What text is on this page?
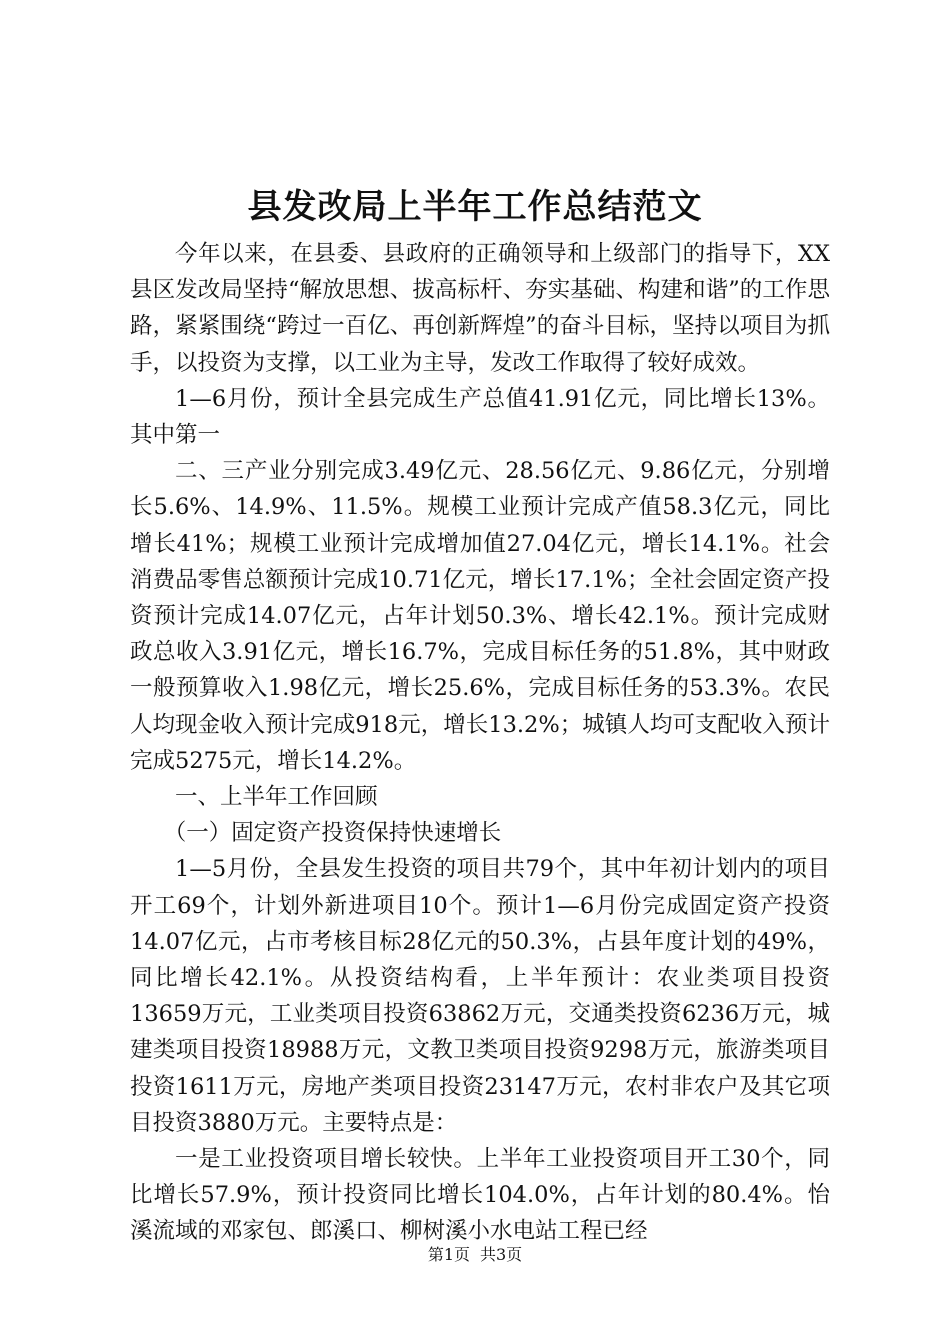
县发改局上半年工作总结范文

今年以来，在县委、县政府的正确领导和上级部门的指导下，XX县区发改局坚持“解放思想、拔高标杆、夯实基础、构建和谐”的工作思路，紧紧围绕“跨过一百亿、再创新辉煌”的奋斗目标，坚持以项目为抓手，以投资为支撑，以工业为主导，发改工作取得了较好成效。

1—6月份，预计全县完成生产总值41.91亿元，同比增长13%。其中第一

二、三产业分别完成3.49亿元、28.56亿元、9.86亿元，分别增长5.6%、14.9%、11.5%。规模工业预计完成产值58.3亿元，同比增长41%；规模工业预计完成增加值27.04亿元，增长14.1%。社会消费品零售总额预计完成10.71亿元，增长17.1%；全社会固定资产投资预计完成14.07亿元，占年计划50.3%、增长42.1%。预计完成财政总收入3.91亿元，增长16.7%，完成目标任务的51.8%，其中财政一般预算收入1.98亿元，增长25.6%，完成目标任务的53.3%。农民人均现金收入预计完成918元，增长13.2%；城镇人均可支配收入预计完成5275元，增长14.2%。

一、上半年工作回顾

（一）固定资产投资保持快速增长

1—5月份，全县发生投资的项目共79个，其中年初计划内的项目开工69个，计划外新进项目10个。预计1—6月份完成固定资产投资14.07亿元，占市考核目标28亿元的50.3%，占县年度计划的49%，同比增长42.1%。从投资结构看，上半年预计：农业类项目投资13659万元，工业类项目投资63862万元，交通类投资6236万元，城建类项目投资18988万元，文教卫类项目投资9298万元，旅游类项目投资1611万元，房地产类项目投资23147万元，农村非农户及其它项目投资3880万元。主要特点是：

一是工业投资项目增长较快。上半年工业投资项目开工30个，同比增长57.9%，预计投资同比增长104.0%，占年计划的80.4%。怡溪流域的邓家包、郎溪口、柳树溪小水电站工程已经

第1页 共3页
